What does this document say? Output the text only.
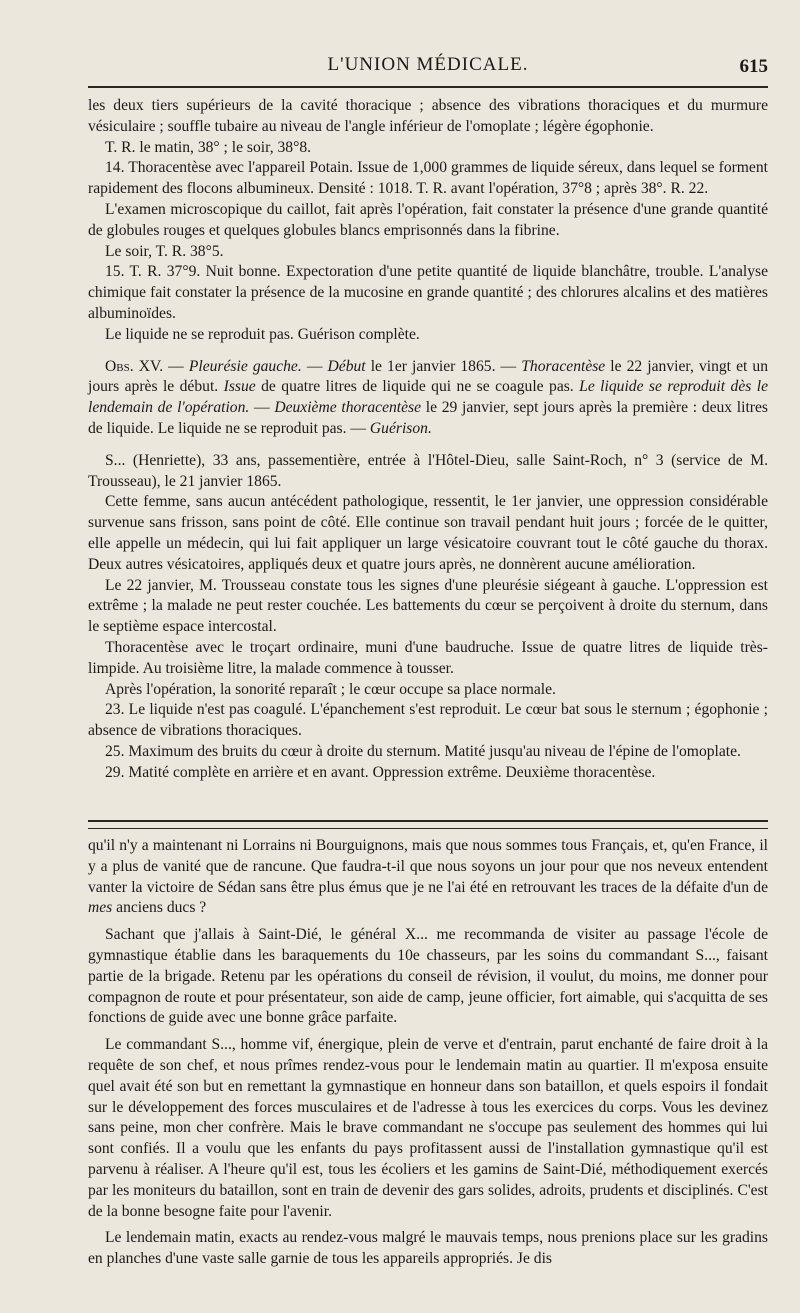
L'UNION MÉDICALE.	615

les deux tiers supérieurs de la cavité thoracique ; absence des vibrations thoraciques et du murmure vésiculaire ; souffle tubaire au niveau de l'angle inférieur de l'omoplate ; légère égophonie.

T. R. le matin, 38° ; le soir, 38°8.

14. Thoracentèse avec l'appareil Potain. Issue de 1,000 grammes de liquide séreux, dans lequel se forment rapidement des flocons albumineux. Densité : 1018. T. R. avant l'opération, 37°8 ; après 38°. R. 22.

L'examen microscopique du caillot, fait après l'opération, fait constater la présence d'une grande quantité de globules rouges et quelques globules blancs emprisonnés dans la fibrine.

Le soir, T. R. 38°5.

15. T. R. 37°9. Nuit bonne. Expectoration d'une petite quantité de liquide blanchâtre, trouble. L'analyse chimique fait constater la présence de la mucosine en grande quantité ; des chlorures alcalins et des matières albuminoïdes.

Le liquide ne se reproduit pas. Guérison complète.

Obs. XV. — Pleurésie gauche. — Début le 1er janvier 1865. — Thoracentèse le 22 janvier, vingt et un jours après le début. Issue de quatre litres de liquide qui ne se coagule pas. Le liquide se reproduit dès le lendemain de l'opération. — Deuxième thoracentèse le 29 janvier, sept jours après la première : deux litres de liquide. Le liquide ne se reproduit pas. — Guérison.

S... (Henriette), 33 ans, passementière, entrée à l'Hôtel-Dieu, salle Saint-Roch, n° 3 (service de M. Trousseau), le 21 janvier 1865.

Cette femme, sans aucun antécédent pathologique, ressentit, le 1er janvier, une oppression considérable survenue sans frisson, sans point de côté. Elle continue son travail pendant huit jours ; forcée de le quitter, elle appelle un médecin, qui lui fait appliquer un large vésicatoire couvrant tout le côté gauche du thorax. Deux autres vésicatoires, appliqués deux et quatre jours après, ne donnèrent aucune amélioration.

Le 22 janvier, M. Trousseau constate tous les signes d'une pleurésie siégeant à gauche. L'oppression est extrême ; la malade ne peut rester couchée. Les battements du cœur se perçoivent à droite du sternum, dans le septième espace intercostal.

Thoracentèse avec le troçart ordinaire, muni d'une baudruche. Issue de quatre litres de liquide très-limpide. Au troisième litre, la malade commence à tousser.

Après l'opération, la sonorité reparaît ; le cœur occupe sa place normale.

23. Le liquide n'est pas coagulé. L'épanchement s'est reproduit. Le cœur bat sous le sternum ; égophonie ; absence de vibrations thoraciques.

25. Maximum des bruits du cœur à droite du sternum. Matité jusqu'au niveau de l'épine de l'omoplate.

29. Matité complète en arrière et en avant. Oppression extrême. Deuxième thoracentèse.

qu'il n'y a maintenant ni Lorrains ni Bourguignons, mais que nous sommes tous Français, et, qu'en France, il y a plus de vanité que de rancune. Que faudra-t-il que nous soyons un jour pour que nos neveux entendent vanter la victoire de Sédan sans être plus émus que je ne l'ai été en retrouvant les traces de la défaite d'un de mes anciens ducs ?

Sachant que j'allais à Saint-Dié, le général X... me recommanda de visiter au passage l'école de gymnastique établie dans les baraquements du 10e chasseurs, par les soins du commandant S..., faisant partie de la brigade. Retenu par les opérations du conseil de révision, il voulut, du moins, me donner pour compagnon de route et pour présentateur, son aide de camp, jeune officier, fort aimable, qui s'acquitta de ses fonctions de guide avec une bonne grâce parfaite.

Le commandant S..., homme vif, énergique, plein de verve et d'entrain, parut enchanté de faire droit à la requête de son chef, et nous prîmes rendez-vous pour le lendemain matin au quartier. Il m'exposa ensuite quel avait été son but en remettant la gymnastique en honneur dans son bataillon, et quels espoirs il fondait sur le développement des forces musculaires et de l'adresse à tous les exercices du corps. Vous les devinez sans peine, mon cher confrère. Mais le brave commandant ne s'occupe pas seulement des hommes qui lui sont confiés. Il a voulu que les enfants du pays profitassent aussi de l'installation gymnastique qu'il est parvenu à réaliser. A l'heure qu'il est, tous les écoliers et les gamins de Saint-Dié, méthodiquement exercés par les moniteurs du bataillon, sont en train de devenir des gars solides, adroits, prudents et disciplinés. C'est de la bonne besogne faite pour l'avenir.

Le lendemain matin, exacts au rendez-vous malgré le mauvais temps, nous prenions place sur les gradins en planches d'une vaste salle garnie de tous les appareils appropriés. Je dis
